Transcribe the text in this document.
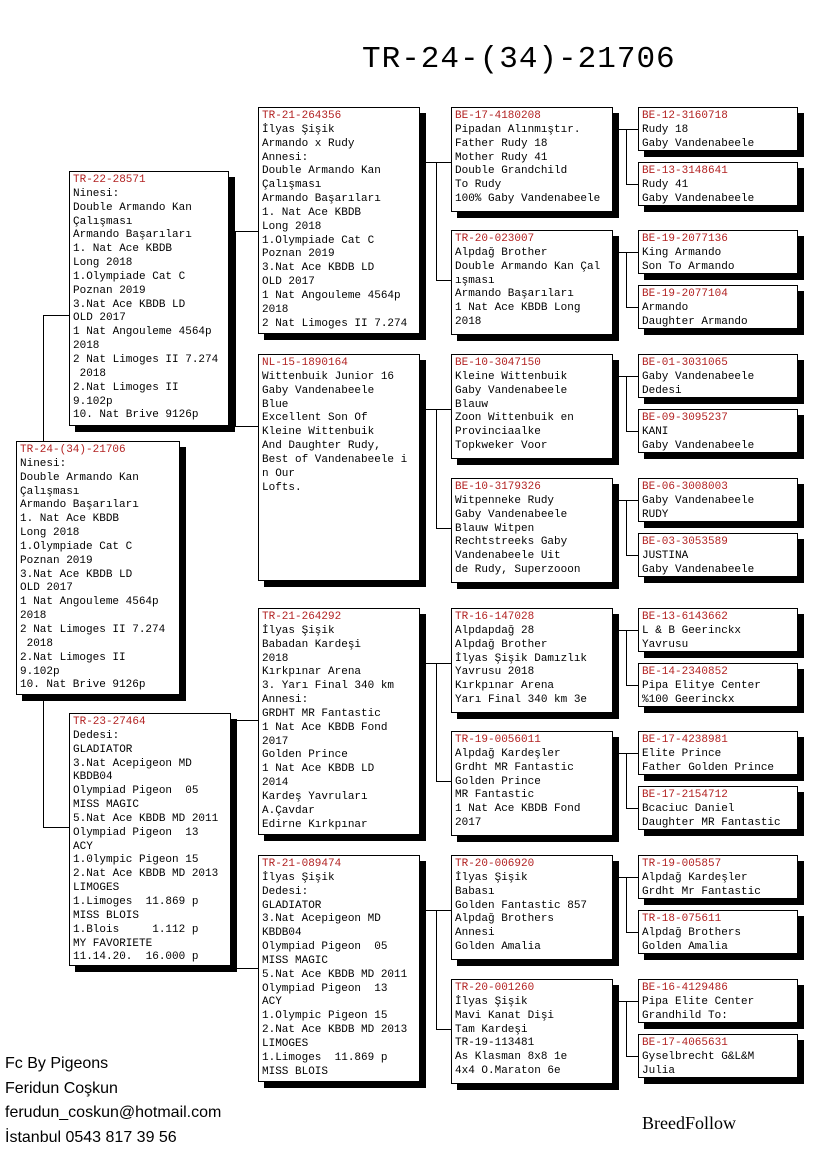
TR-24-(34)-21706
TR-24-(34)-21706
Ninesi:
Double Armando Kan
Çalışması
Armando Başarıları
1. Nat Ace KBDB
Long 2018
1.Olympiade Cat C
Poznan 2019
3.Nat Ace KBDB LD
OLD 2017
1 Nat Angouleme 4564p
2018
2 Nat Limoges II 7.274
2018
2.Nat Limoges II
9.102p
10. Nat Brive 9126p
TR-22-28571
Ninesi:
Double Armando Kan
Çalışması
Armando Başarıları
1. Nat Ace KBDB
Long 2018
1.Olympiade Cat C
Poznan 2019
3.Nat Ace KBDB LD
OLD 2017
1 Nat Angouleme 4564p
2018
2 Nat Limoges II 7.274
2018
2.Nat Limoges II
9.102p
10. Nat Brive 9126p
TR-23-27464
Dedesi:
GLADIATOR
3.Nat Acepigeon MD
KBDB04
Olympiad Pigeon  05
MISS MAGIC
5.Nat Ace KBDB MD 2011
Olympiad Pigeon  13
ACY
1.0lympic Pigeon 15
2.Nat Ace KBDB MD 2013
LIMOGES
1.Limoges  11.869 p
MISS BLOIS
1.Blois     1.112 p
MY FAVORIETE
11.14.20.  16.000 p
TR-21-264356
İlyas Şişik
Armando x Rudy
Annesi:
Double Armando Kan
Çalışması
Armando Başarıları
1. Nat Ace KBDB
Long 2018
1.Olympiade Cat C
Poznan 2019
3.Nat Ace KBDB LD
OLD 2017
1 Nat Angouleme 4564p
2018
2 Nat Limoges II 7.274
NL-15-1890164
Wittenbuik Junior 16
Gaby Vandenabeele
Blue
Excellent Son Of
Kleine Wittenbuik
And Daughter Rudy,
Best of Vandenabeele i
n Our
Lofts.
TR-21-264292
İlyas Şişik
Babadan Kardeşi
2018
Kırkpınar Arena
3. Yarı Final 340 km
Annesi:
GRDHT MR Fantastic
1 Nat Ace KBDB Fond
2017
Golden Prince
1 Nat Ace KBDB LD
2014
Kardeş Yavruları
A.Çavdar
Edirne Kırkpınar
TR-21-089474
İlyas Şişik
Dedesi:
GLADIATOR
3.Nat Acepigeon MD
KBDB04
Olympiad Pigeon  05
MISS MAGIC
5.Nat Ace KBDB MD 2011
Olympiad Pigeon  13
ACY
1.Olympic Pigeon 15
2.Nat Ace KBDB MD 2013
LIMOGES
1.Limoges  11.869 p
MISS BLOIS
BE-17-4180208
Pipadan Alınmıştır.
Father Rudy 18
Mother Rudy 41
Double Grandchild
To Rudy
100% Gaby Vandenabeele
TR-20-023007
Alpdağ Brother
Double Armando Kan Çal
ışması
Armando Başarıları
1 Nat Ace KBDB Long
2018
BE-10-3047150
Kleine Wittenbuik
Gaby Vandenabeele
Blauw
Zoon Wittenbuik en
Provinciaalke
Topkweker Voor
BE-10-3179326
Witpenneke Rudy
Gaby Vandenabeele
Blauw Witpen
Rechtstreeks Gaby
Vandenabeele Uit
de Rudy, Superzooon
TR-16-147028
Alpdapdağ 28
Alpdağ Brother
İlyas Şişik Damızlık
Yavrusu 2018
Kırkpınar Arena
Yarı Final 340 km 3e
TR-19-0056011
Alpdağ Kardeşler
Grdht MR Fantastic
Golden Prince
MR Fantastic
1 Nat Ace KBDB Fond
2017
TR-20-006920
İlyas Şişik
Babası
Golden Fantastic 857
Alpdağ Brothers
Annesi
Golden Amalia
TR-20-001260
İlyas Şişik
Mavi Kanat Dişi
Tam Kardeşi
TR-19-113481
As Klasman 8x8 1e
4x4 O.Maraton 6e
BE-12-3160718
Rudy 18
Gaby Vandenabeele
BE-13-3148641
Rudy 41
Gaby Vandenabeele
BE-19-2077136
King Armando
Son To Armando
BE-19-2077104
Armando
Daughter Armando
BE-01-3031065
Gaby Vandenabeele
Dedesi
BE-09-3095237
KANI
Gaby Vandenabeele
BE-06-3008003
Gaby Vandenabeele
RUDY
BE-03-3053589
JUSTINA
Gaby Vandenabeele
BE-13-6143662
L & B Geerinckx
Yavrusu
BE-14-2340852
Pipa Elitye Center
%100 Geerinckx
BE-17-4238981
Elite Prince
Father Golden Prince
BE-17-2154712
Bcaciuc Daniel
Daughter MR Fantastic
TR-19-005857
Alpdağ Kardeşler
Grdht Mr Fantastic
TR-18-075611
Alpdağ Brothers
Golden Amalia
BE-16-4129486
Pipa Elite Center
Grandhild To:
BE-17-4065631
Gyselbrecht G&L&M
Julia
Fc By Pigeons
Feridun Coşkun
ferudun_coskun@hotmail.com
İstanbul 0543 817 39 56
BreedFollow
